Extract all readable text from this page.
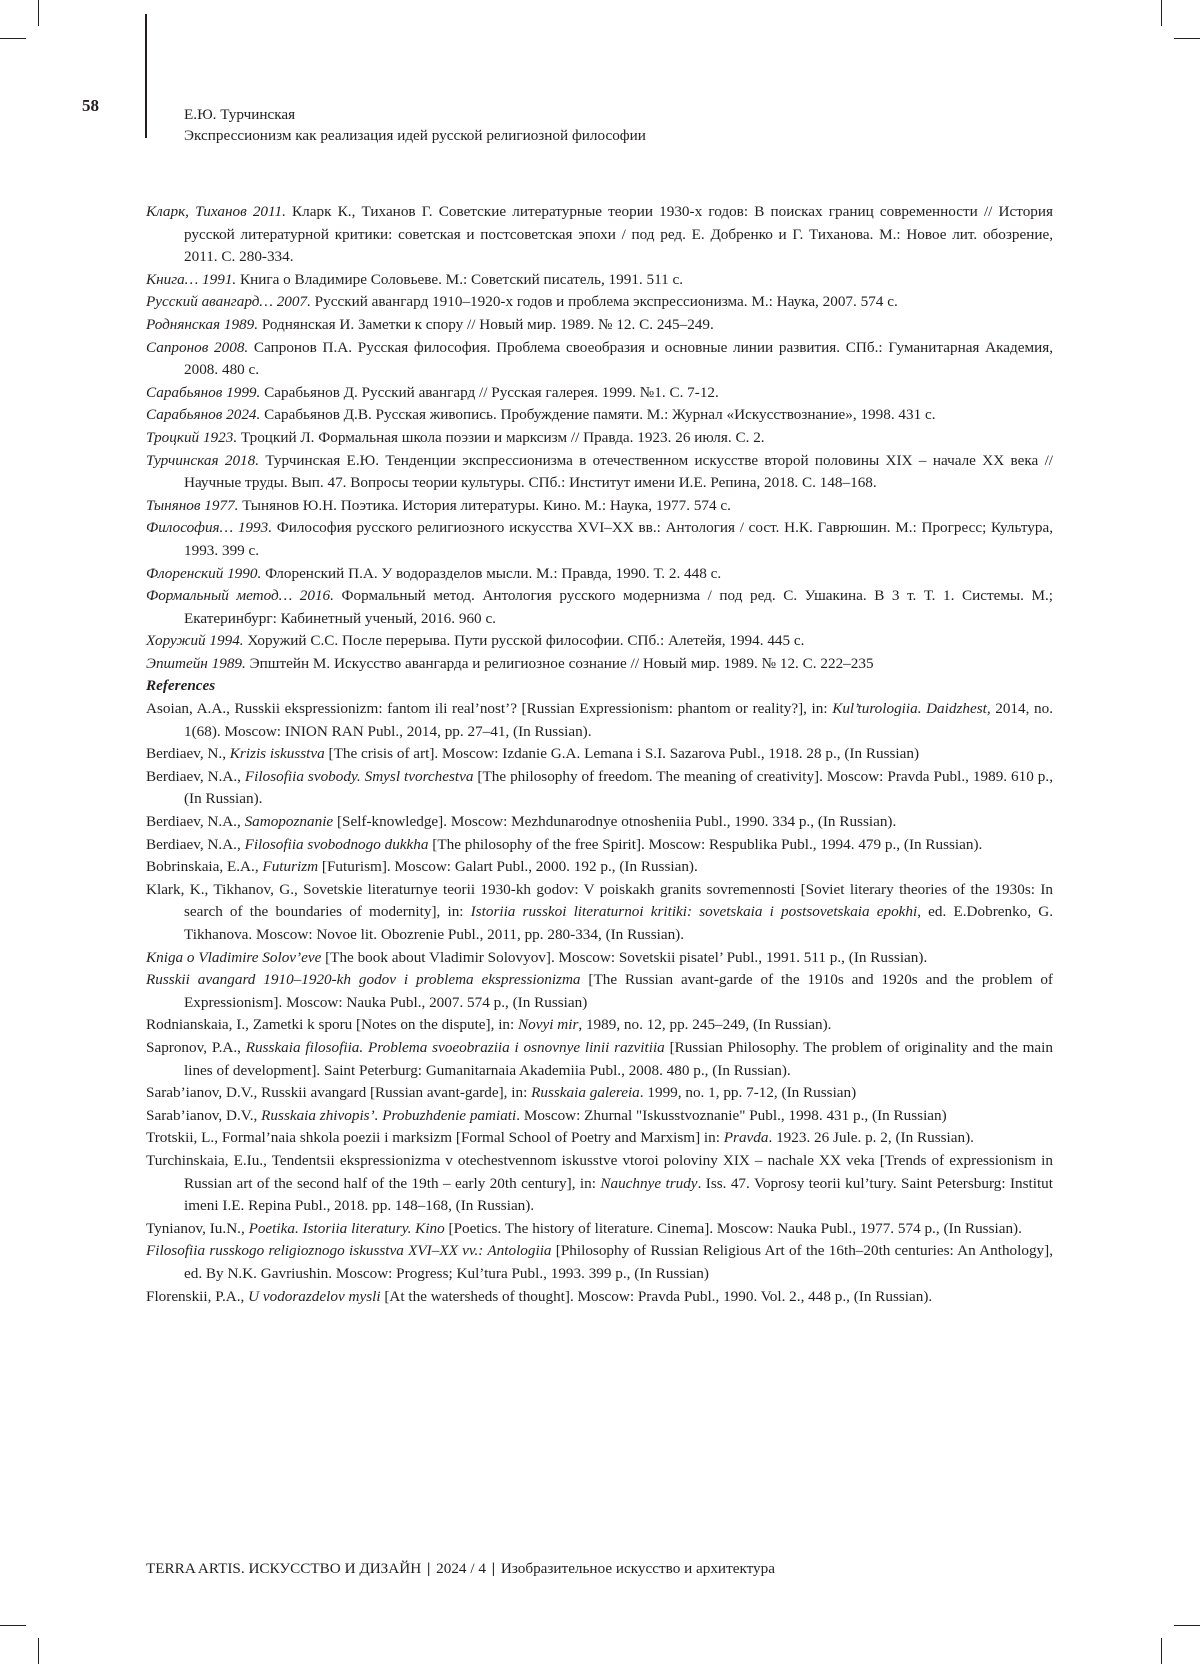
58	Е.Ю. Турчинская
Экспрессионизм как реализация идей русской религиозной философии

Кларк, Тиханов 2011. Кларк К., Тиханов Г. Советские литературные теории 1930-х годов: В поисках границ современности // История русской литературной критики: советская и постсоветская эпохи / под ред. Е. Добренко и Г. Тиханова. М.: Новое лит. обозрение, 2011. С. 280-334.

Книга… 1991. Книга о Владимире Соловьеве. М.: Советский писатель, 1991. 511 с.

Русский авангард… 2007. Русский авангард 1910–1920-х годов и проблема экспрессионизма. М.: Наука, 2007. 574 с.

Роднянская 1989. Роднянская И. Заметки к спору // Новый мир. 1989. № 12. С. 245–249.

Сапронов 2008. Сапронов П.А. Русская философия. Проблема своеобразия и основные линии развития. СПб.: Гуманитарная Академия, 2008. 480 с.

Сарабьянов 1999. Сарабьянов Д. Русский авангард // Русская галерея. 1999. №1. С. 7-12.

Сарабьянов 2024. Сарабьянов Д.В. Русская живопись. Пробуждение памяти. М.: Журнал «Искусствознание», 1998. 431 с.

Троцкий 1923. Троцкий Л. Формальная школа поэзии и марксизм // Правда. 1923. 26 июля. С. 2.

Турчинская 2018. Турчинская Е.Ю. Тенденции экспрессионизма в отечественном искусстве второй половины XIX – начале XX века // Научные труды. Вып. 47. Вопросы теории культуры. СПб.: Институт имени И.Е. Репина, 2018. С. 148–168.

Тынянов 1977. Тынянов Ю.Н. Поэтика. История литературы. Кино. М.: Наука, 1977. 574 с.

Философия… 1993. Философия русского религиозного искусства XVI–XX вв.: Антология / сост. Н.К. Гаврюшин. М.: Прогресс; Культура, 1993. 399 с.

Флоренский 1990. Флоренский П.А. У водоразделов мысли. М.: Правда, 1990. Т. 2. 448 с.

Формальный метод… 2016. Формальный метод. Антология русского модернизма / под ред. С. Ушакина. В 3 т. Т. 1. Системы. М.; Екатеринбург: Кабинетный ученый, 2016. 960 с.

Хоружий 1994. Хоружий С.С. После перерыва. Пути русской философии. СПб.: Алетейя, 1994. 445 с.

Эпштейн 1989. Эпштейн М. Искусство авангарда и религиозное сознание // Новый мир. 1989. № 12. С. 222–235

References

Asoian, A.A., Russkii ekspressionizm: fantom ili real’nost’? [Russian Expressionism: phantom or reality?], in: Kul’turologiia. Daidzhest, 2014, no. 1(68). Moscow: INION RAN Publ., 2014, pp. 27–41, (In Russian).

Berdiaev, N., Krizis iskusstva [The crisis of art]. Moscow: Izdanie G.A. Lemana i S.I. Sazarova Publ., 1918. 28 p., (In Russian)

Berdiaev, N.A., Filosofiia svobody. Smysl tvorchestva [The philosophy of freedom. The meaning of creativity]. Moscow: Pravda Publ., 1989. 610 p., (In Russian).

Berdiaev, N.A., Samopoznanie [Self-knowledge]. Moscow: Mezhdunarodnye otnosheniia Publ., 1990. 334 p., (In Russian).

Berdiaev, N.A., Filosofiia svobodnogo dukkha [The philosophy of the free Spirit]. Moscow: Respublika Publ., 1994. 479 p., (In Russian).

Bobrinskaia, E.A., Futurizm [Futurism]. Moscow: Galart Publ., 2000. 192 p., (In Russian).

Klark, K., Tikhanov, G., Sovetskie literaturnye teorii 1930-kh godov: V poiskakh granits sovremennosti [Soviet literary theories of the 1930s: In search of the boundaries of modernity], in: Istoriia russkoi literaturnoi kritiki: sovetskaia i postsovetskaia epokhi, ed. E.Dobrenko, G. Tikhanova. Moscow: Novoe lit. Obozrenie Publ., 2011, pp. 280-334, (In Russian).

Kniga o Vladimire Solov’eve [The book about Vladimir Solovyov]. Moscow: Sovetskii pisatel’ Publ., 1991. 511 p., (In Russian).

Russkii avangard 1910–1920-kh godov i problema ekspressionizma [The Russian avant-garde of the 1910s and 1920s and the problem of Expressionism]. Moscow: Nauka Publ., 2007. 574 p., (In Russian)

Rodnianskaia, I., Zametki k sporu [Notes on the dispute], in: Novyi mir, 1989, no. 12, pp. 245–249, (In Russian).

Sapronov, P.A., Russkaia filosofiia. Problema svoeobraziia i osnovnye linii razvitiia [Russian Philosophy. The problem of originality and the main lines of development]. Saint Peterburg: Gumanitarnaia Akademiia Publ., 2008. 480 p., (In Russian).

Sarab’ianov, D.V., Russkii avangard [Russian avant-garde], in: Russkaia galereia. 1999, no. 1, pp. 7-12, (In Russian)

Sarab’ianov, D.V., Russkaia zhivopis’. Probuzhdenie pamiati. Moscow: Zhurnal "Iskusstvoznanie" Publ., 1998. 431 p., (In Russian)

Trotskii, L., Formal’naia shkola poezii i marksizm [Formal School of Poetry and Marxism] in: Pravda. 1923. 26 Jule. p. 2, (In Russian).

Turchinskaia, E.Iu., Tendentsii ekspressionizma v otechestvennom iskusstve vtoroi poloviny XIX – nachale XX veka [Trends of expressionism in Russian art of the second half of the 19th – early 20th century], in: Nauchnye trudy. Iss. 47. Voprosy teorii kul’tury. Saint Petersburg: Institut imeni I.E. Repina Publ., 2018. pp. 148–168, (In Russian).

Tynianov, Iu.N., Poetika. Istoriia literatury. Kino [Poetics. The history of literature. Cinema]. Moscow: Nauka Publ., 1977. 574 p., (In Russian).

Filosofiia russkogo religioznogo iskusstva XVI–XX vv.: Antologiia [Philosophy of Russian Religious Art of the 16th–20th centuries: An Anthology], ed. By N.K. Gavriushin. Moscow: Progress; Kul’tura Publ., 1993. 399 p., (In Russian)

Florenskii, P.A., U vodorazdelov mysli [At the watersheds of thought]. Moscow: Pravda Publ., 1990. Vol. 2., 448 p., (In Russian).

TERRA ARTIS. ИСКУССТВО И ДИЗАЙН | 2024 / 4 | Изобразительное искусство и архитектура
